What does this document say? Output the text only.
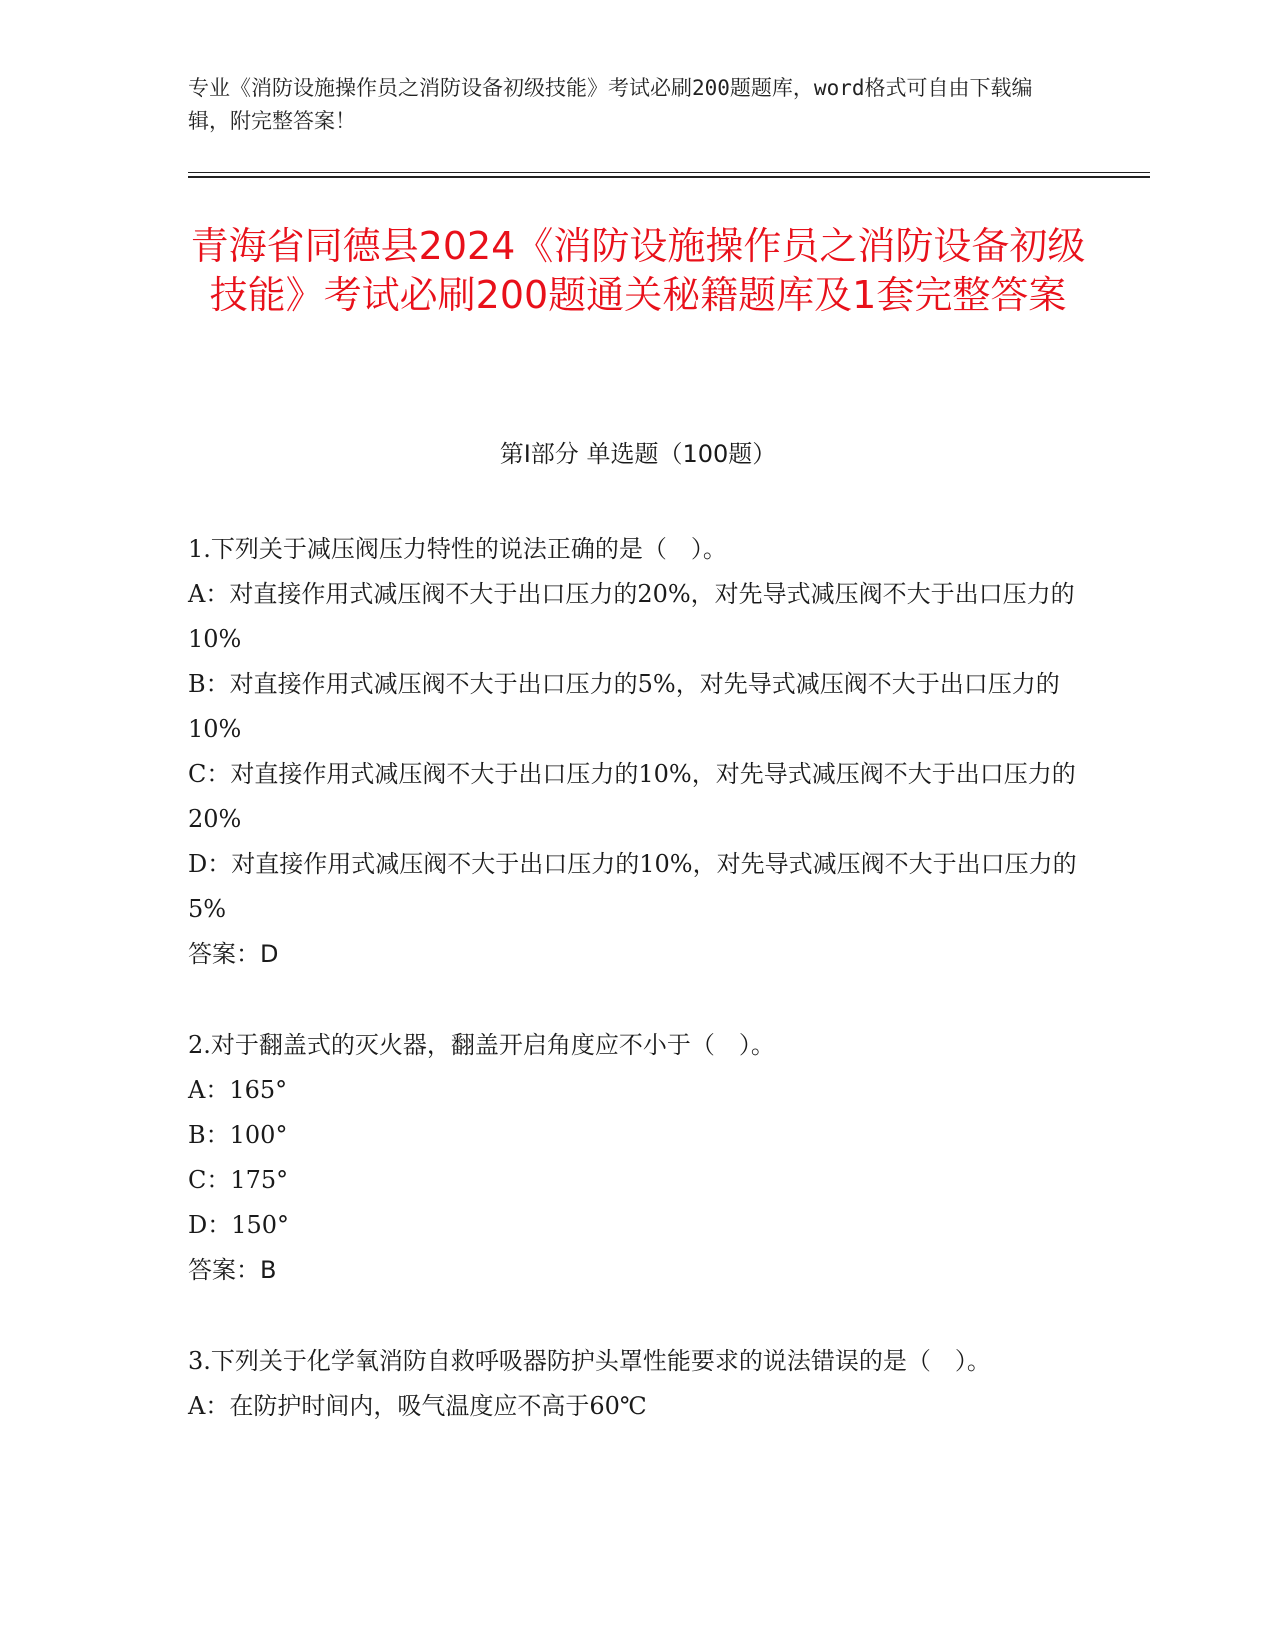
专业《消防设施操作员之消防设备初级技能》考试必刷200题题库，word格式可自由下载编辑，附完整答案！
青海省同德县2024《消防设施操作员之消防设备初级技能》考试必刷200题通关秘籍题库及1套完整答案
第I部分 单选题（100题）

1.下列关于减压阀压力特性的说法正确的是（　）。

A：对直接作用式减压阀不大于出口压力的20%，对先导式减压阀不大于出口压力的10%

B：对直接作用式减压阀不大于出口压力的5%，对先导式减压阀不大于出口压力的10%

C：对直接作用式减压阀不大于出口压力的10%，对先导式减压阀不大于出口压力的20%

D：对直接作用式减压阀不大于出口压力的10%，对先导式减压阀不大于出口压力的5%

答案：D

2.对于翻盖式的灭火器，翻盖开启角度应不小于（　）。

A：165°

B：100°

C：175°

D：150°

答案：B

3.下列关于化学氧消防自救呼吸器防护头罩性能要求的说法错误的是（　）。

A：在防护时间内，吸气温度应不高于60℃
